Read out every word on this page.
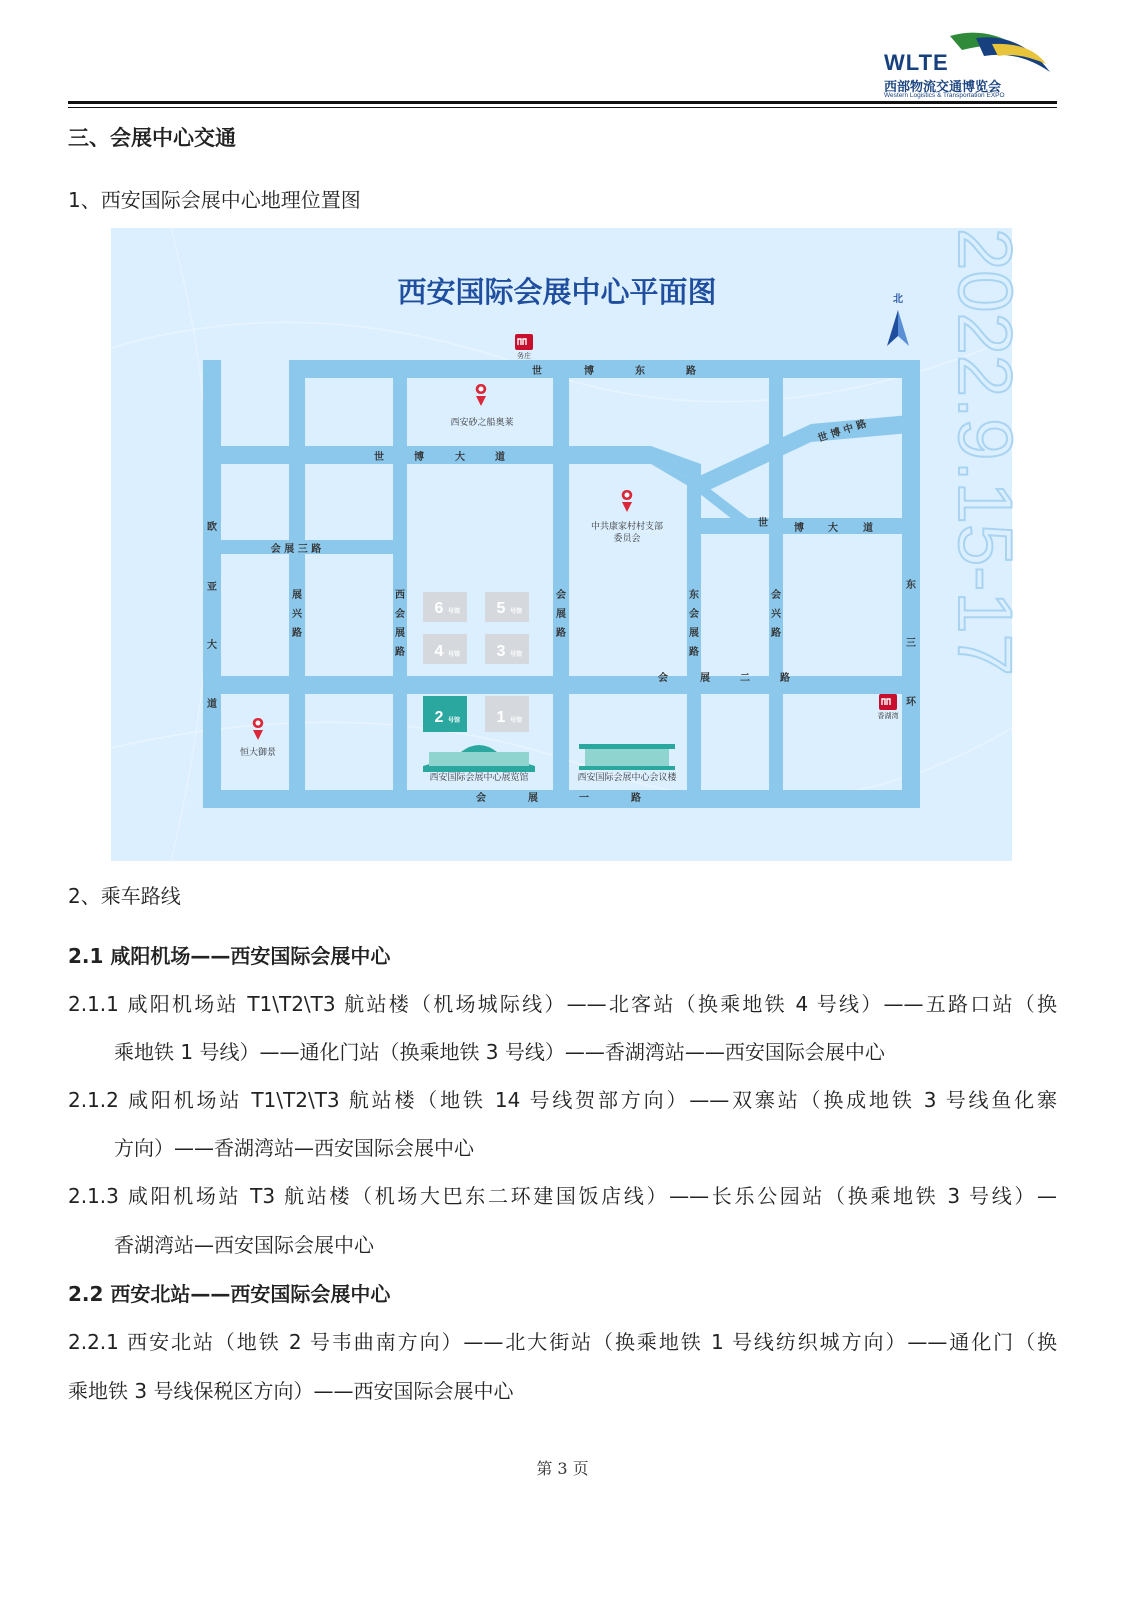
WLTE
西部物流交通博览会
Western Logistics & Transportation EXPO
三、会展中心交通
1、西安国际会展中心地理位置图
2022.9.15-17
西安国际会展中心平面图	北
世	博	东	路
世	博	大	道
世 博 中 路
世	博 大	道
会 展 三 路
会	展	二	路
会	展	一	路
欧
亚
大
道
展
兴
路
西
会
展
路
会
展
路
东
会
展
路
会
兴
路
东
三
环
务庄
香湖湾
西安砂之船奥莱
中共康家村村支部
委员会
恒大御景
6 号馆 5 号馆
4 号馆 3 号馆
2 号馆 1 号馆
西安国际会展中心展览馆	西安国际会展中心会议楼
2、乘车路线
2.1 咸阳机场——西安国际会展中心
2.1.1 咸阳机场站 T1\T2\T3 航站楼（机场城际线）——北客站（换乘地铁 4 号线）——五路口站（换
乘地铁 1 号线）——通化门站（换乘地铁 3 号线）——香湖湾站——西安国际会展中心
2.1.2 咸阳机场站 T1\T2\T3 航站楼（地铁 14 号线贺部方向）——双寨站（换成地铁 3 号线鱼化寨
方向）——香湖湾站—西安国际会展中心
2.1.3 咸阳机场站 T3 航站楼（机场大巴东二环建国饭店线）——长乐公园站（换乘地铁 3 号线）—
香湖湾站—西安国际会展中心
2.2 西安北站——西安国际会展中心
2.2.1 西安北站（地铁 2 号韦曲南方向）——北大街站（换乘地铁 1 号线纺织城方向）——通化门（换
乘地铁 3 号线保税区方向）——西安国际会展中心
第 3 页
